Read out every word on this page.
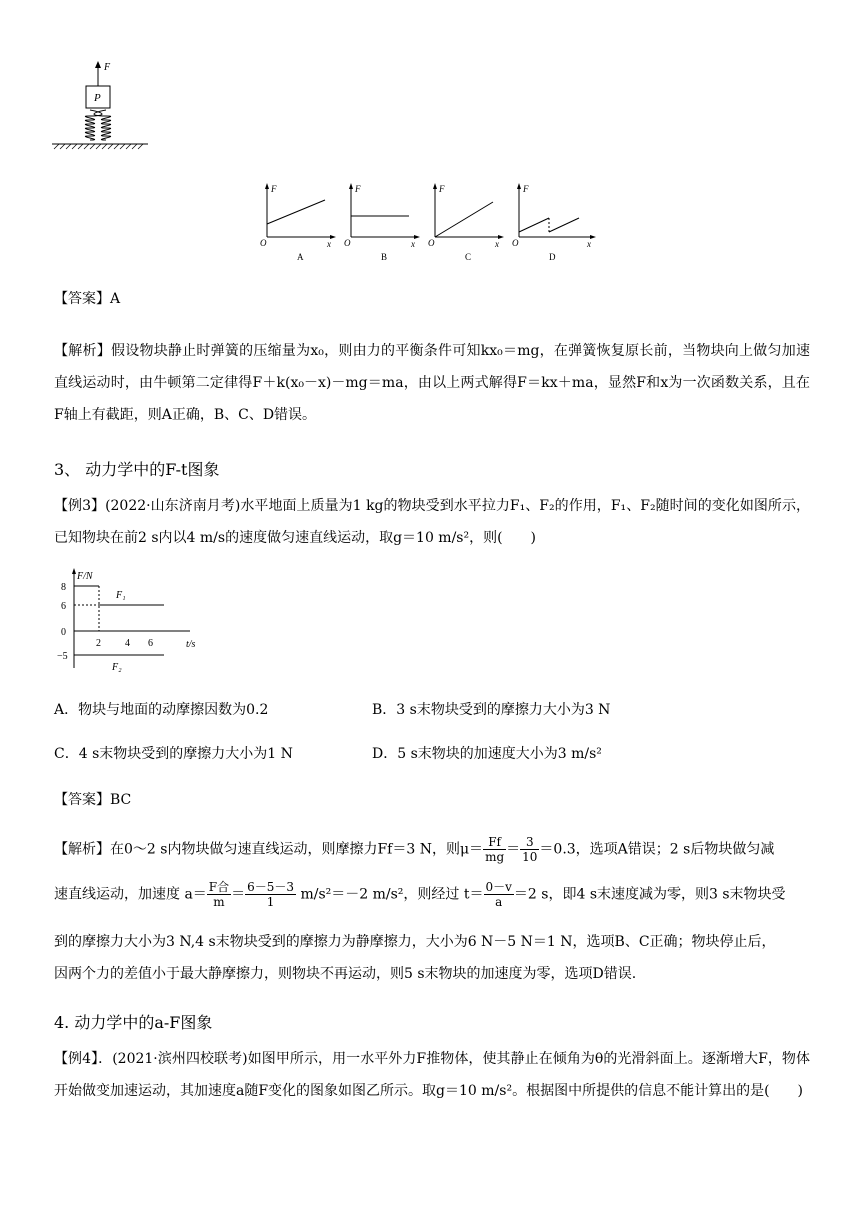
F
P
F
O	x
A
F
O	x
B
F
O	x
C
F
O	x
D
【答案】A
【解析】假设物块静止时弹簧的压缩量为x₀，则由力的平衡条件可知kx₀＝mg，在弹簧恢复原长前，当物块向上做匀加速直线运动时，由牛顿第二定律得F＋k(x₀－x)－mg＝ma，由以上两式解得F＝kx＋ma，显然F和x为一次函数关系，且在F轴上有截距，则A正确，B、C、D错误。
3、 动力学中的F-t图象
【例3】(2022·山东济南月考)水平地面上质量为1 kg的物块受到水平拉力F₁、F₂的作用，F₁、F₂随时间的变化如图所示，已知物块在前2 s内以4 m/s的速度做匀速直线运动，取g＝10 m/s²，则(　　)
F/N
t/s
8
6
0
−5
2 4 6
F₁
F₂
A．物块与地面的动摩擦因数为0.2	B．3 s末物块受到的摩擦力大小为3 N
C．4 s末物块受到的摩擦力大小为1 N	D．5 s末物块的加速度大小为3 m/s²
【答案】BC
【解析】在0～2 s内物块做匀速直线运动，则摩擦力Ff＝3 N，则$\mu= \frac{Ff}{mg} = \frac{3}{10} =0.3$，选项A错误；2 s后物块做匀减
速直线运动，加速度 $a= \frac{\text{F合}}{m} = \frac{6-5-3}{1} m/s^2=-2$ m/s²，则经过 $t= \frac{0-v}{a} =2$ s，即4 s末速度减为零，则3 s末物块受
到的摩擦力大小为3 N,4 s末物块受到的摩擦力为静摩擦力，大小为6 N－5 N＝1 N，选项B、C正确；物块停止后，
因两个力的差值小于最大静摩擦力，则物块不再运动，则5 s末物块的加速度为零，选项D错误.
4. 动力学中的a-F图象
【例4】．(2021·滨州四校联考)如图甲所示，用一水平外力F推物体，使其静止在倾角为θ的光滑斜面上。逐渐增大F，物体开始做变加速运动，其加速度a随F变化的图象如图乙所示。取g＝10 m/s²。根据图中所提供的信息不能计算出的是(　　)
